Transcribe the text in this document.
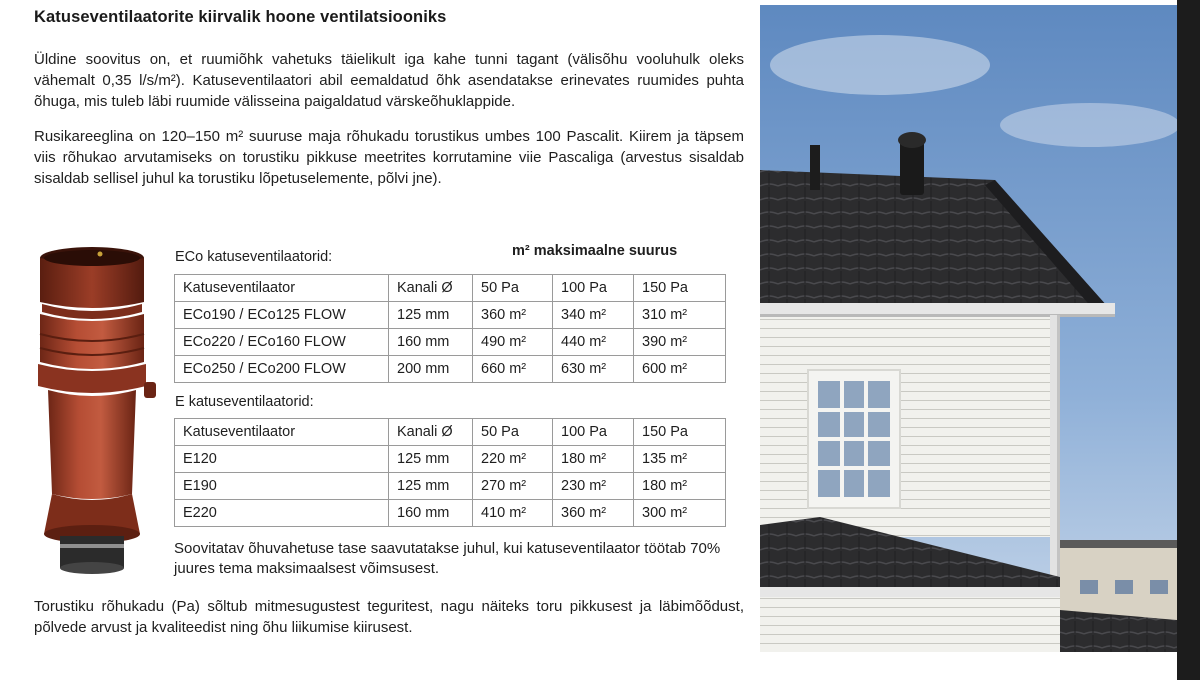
Katuseventilaatorite kiirvalik hoone ventilatsiooniks

Üldine soovitus on, et ruumiõhk vahetuks täielikult iga kahe tunni tagant (välisõhu vooluhulk oleks vähemalt 0,35 l/s/m²). Katuseventilaatori abil eemaldatud õhk asendatakse erinevates ruumides puhta õhuga, mis tuleb läbi ruumide välisseina paigaldatud värskeõhuklappide.

Rusikareeglina on 120–150 m² suuruse maja rõhukadu torustikus umbes 100 Pascalit. Kiirem ja täpsem viis rõhukao arvutamiseks on torustiku pikkuse meetrites korrutamine viie Pascaliga (arvestus sisaldab sisaldab sellisel juhul ka torustiku lõpetuselemente, põlvi jne).

ECo katuseventilaatorid:	m² maksimaalne suurus
Katuseventilaator	Kanali Ø	50 Pa	100 Pa	150 Pa
ECo190 / ECo125 FLOW	125 mm	360 m²	340 m²	310 m²
ECo220 / ECo160 FLOW	160 mm	490 m²	440 m²	390 m²
ECo250 / ECo200 FLOW	200 mm	660 m²	630 m²	600 m²
E katuseventilaatorid:
Katuseventilaator	Kanali Ø	50 Pa	100 Pa	150 Pa
E120	125 mm	220 m²	180 m²	135 m²
E190	125 mm	270 m²	230 m²	180 m²
E220	160 mm	410 m²	360 m²	300 m²

Soovitatav õhuvahetuse tase saavutatakse juhul, kui katuseventilaator töötab 70% juures tema maksimaalsest võimsusest.

Torustiku rõhukadu (Pa) sõltub mitmesugustest teguritest, nagu näiteks toru pikkusest ja läbimõõdust, põlvede arvust ja kvaliteedist ning õhu liikumise kiirusest.
